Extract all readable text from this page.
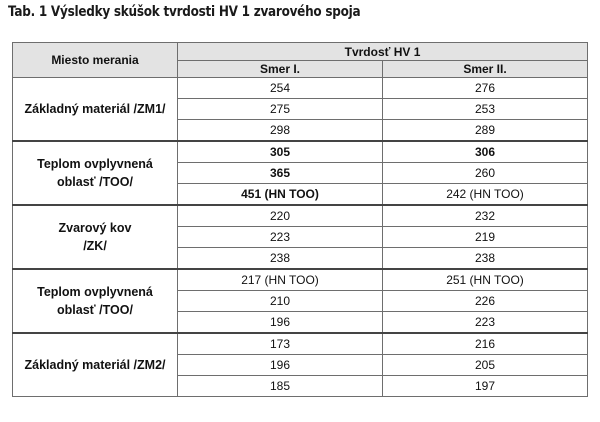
Tab. 1 Výsledky skúšok tvrdosti HV 1 zvarového spoja
Miesto merania	Tvrdosť HV 1	
	Smer I.	Smer II.

Základný materiál /ZM1/	254	276
	275	253
	298	289

Teplom ovplyvnená
oblasť /TOO/	305	306
	365	260
	451 (HN TOO)	242 (HN TOO)

Zvarový kov
/ZK/	220	232
	223	219
	238	238

Teplom ovplyvnená
oblasť /TOO/	217 (HN TOO)	251 (HN TOO)
	210	226
	196	223

Základný materiál /ZM2/	173	216
	196	205
	185	197
